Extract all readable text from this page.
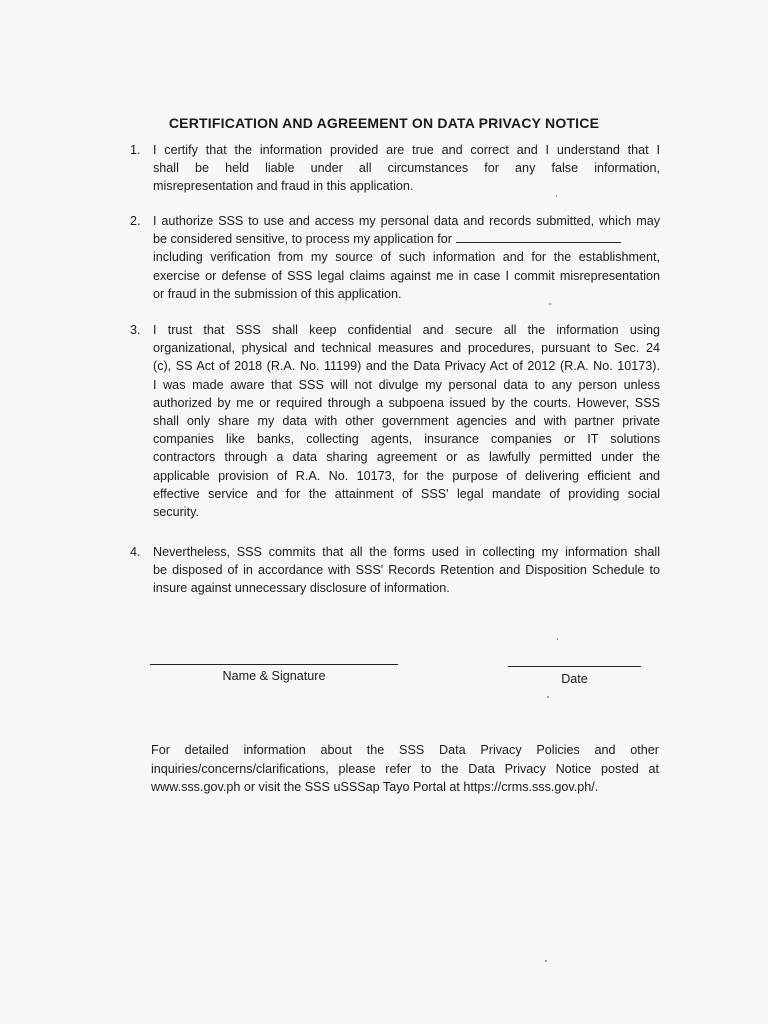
CERTIFICATION AND AGREEMENT ON DATA PRIVACY NOTICE
1. I certify that the information provided are true and correct and I understand that I
shall be held liable under all circumstances for any false information,
misrepresentation and fraud in this application.
2. I authorize SSS to use and access my personal data and records submitted, which may
be considered sensitive, to process my application for
including verification from my source of such information and for the establishment,
exercise or defense of SSS legal claims against me in case I commit misrepresentation
or fraud in the submission of this application.
3. I trust that SSS shall keep confidential and secure all the information using
organizational, physical and technical measures and procedures, pursuant to Sec. 24
(c), SS Act of 2018 (R.A. No. 11199) and the Data Privacy Act of 2012 (R.A. No. 10173).
I was made aware that SSS will not divulge my personal data to any person unless
authorized by me or required through a subpoena issued by the courts. However, SSS
shall only share my data with other government agencies and with partner private
companies like banks, collecting agents, insurance companies or IT solutions
contractors through a data sharing agreement or as lawfully permitted under the
applicable provision of R.A. No. 10173, for the purpose of delivering efficient and
effective service and for the attainment of SSS' legal mandate of providing social
security.
4. Nevertheless, SSS commits that all the forms used in collecting my information shall
be disposed of in accordance with SSS' Records Retention and Disposition Schedule to
insure against unnecessary disclosure of information.
Name & Signature	Date
For detailed information about the SSS Data Privacy Policies and other
inquiries/concerns/clarifications, please refer to the Data Privacy Notice posted at
www.sss.gov.ph or visit the SSS uSSSap Tayo Portal at https://crms.sss.gov.ph/.
